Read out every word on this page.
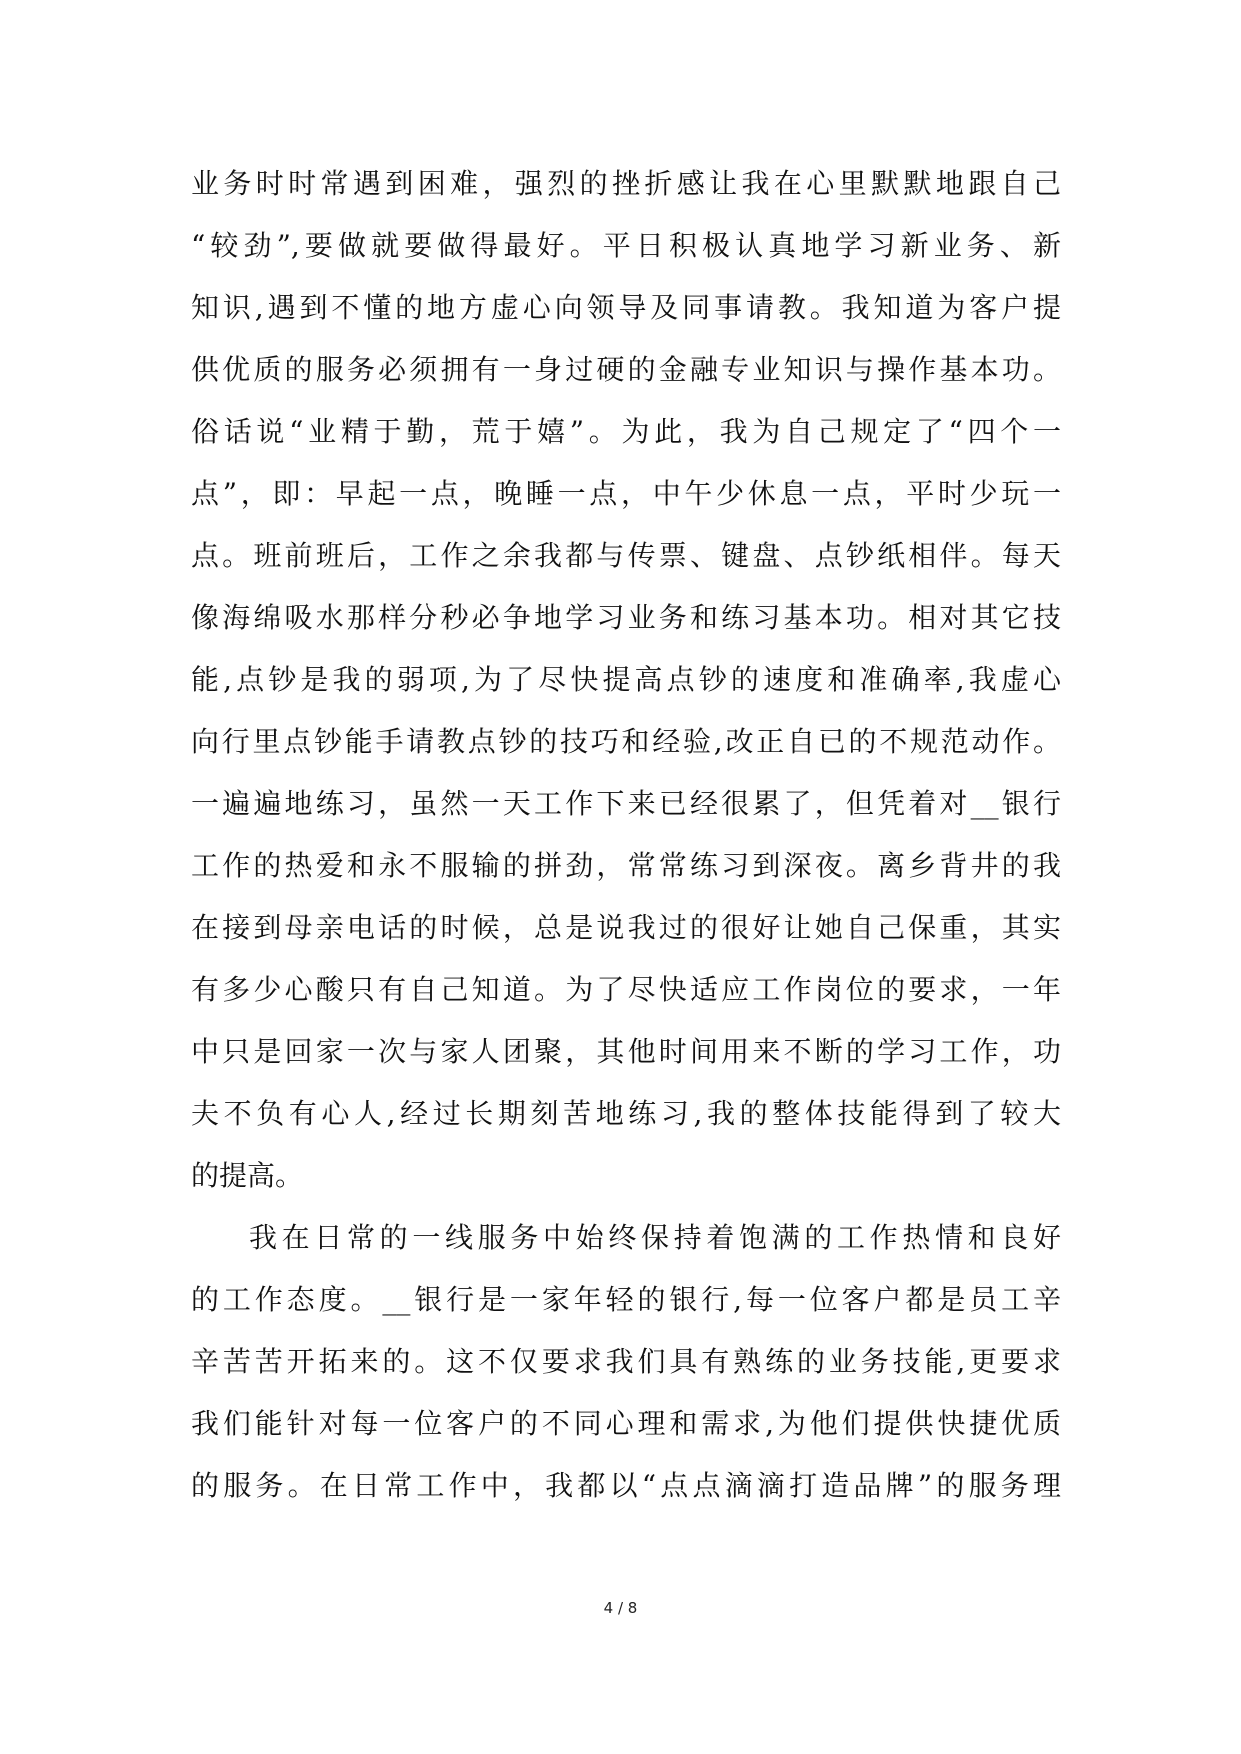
业务时时常遇到困难，强烈的挫折感让我在心里默默地跟自己
“较劲”,要做就要做得最好。平日积极认真地学习新业务、新
知识,遇到不懂的地方虚心向领导及同事请教。我知道为客户提
供优质的服务必须拥有一身过硬的金融专业知识与操作基本功。
俗话说“业精于勤，荒于嬉”。为此，我为自己规定了“四个一
点”，即：早起一点，晚睡一点，中午少休息一点，平时少玩一
点。班前班后，工作之余我都与传票、键盘、点钞纸相伴。每天
像海绵吸水那样分秒必争地学习业务和练习基本功。相对其它技
能,点钞是我的弱项,为了尽快提高点钞的速度和准确率,我虚心
向行里点钞能手请教点钞的技巧和经验,改正自已的不规范动作。
一遍遍地练习，虽然一天工作下来已经很累了，但凭着对__银行
工作的热爱和永不服输的拼劲，常常练习到深夜。离乡背井的我
在接到母亲电话的时候，总是说我过的很好让她自己保重，其实
有多少心酸只有自己知道。为了尽快适应工作岗位的要求，一年
中只是回家一次与家人团聚，其他时间用来不断的学习工作，功
夫不负有心人,经过长期刻苦地练习,我的整体技能得到了较大
的提高。
我在日常的一线服务中始终保持着饱满的工作热情和良好
的工作态度。__银行是一家年轻的银行,每一位客户都是员工辛
辛苦苦开拓来的。这不仅要求我们具有熟练的业务技能,更要求
我们能针对每一位客户的不同心理和需求,为他们提供快捷优质
的服务。在日常工作中，我都以“点点滴滴打造品牌”的服务理
4 / 8
